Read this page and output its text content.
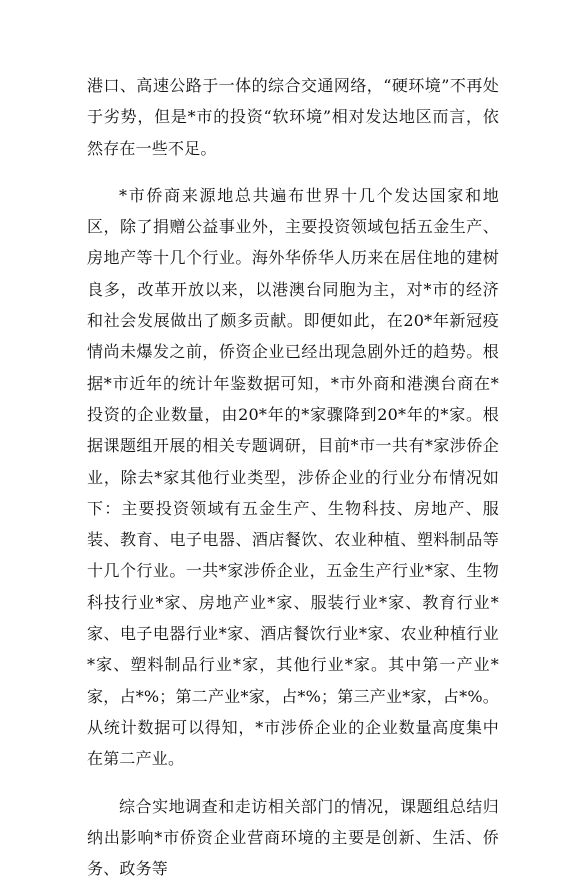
港口、高速公路于一体的综合交通网络，“硬环境”不再处于劣势，但是*市的投资“软环境”相对发达地区而言，依然存在一些不足。

*市侨商来源地总共遍布世界十几个发达国家和地区，除了捐赠公益事业外，主要投资领域包括五金生产、房地产等十几个行业。海外华侨华人历来在居住地的建树良多，改革开放以来，以港澳台同胞为主，对*市的经济和社会发展做出了颇多贡献。即便如此，在20*年新冠疫情尚未爆发之前，侨资企业已经出现急剧外迁的趋势。根据*市近年的统计年鉴数据可知，*市外商和港澳台商在*投资的企业数量，由20*年的*家骤降到20*年的*家。根据课题组开展的相关专题调研，目前*市一共有*家涉侨企业，除去*家其他行业类型，涉侨企业的行业分布情况如下：主要投资领域有五金生产、生物科技、房地产、服装、教育、电子电器、酒店餐饮、农业种植、塑料制品等十几个行业。一共*家涉侨企业，五金生产行业*家、生物科技行业*家、房地产业*家、服装行业*家、教育行业*家、电子电器行业*家、酒店餐饮行业*家、农业种植行业*家、塑料制品行业*家，其他行业*家。其中第一产业*家，占*%；第二产业*家，占*%；第三产业*家，占*%。从统计数据可以得知，*市涉侨企业的企业数量高度集中在第二产业。

综合实地调查和走访相关部门的情况，课题组总结归纳出影响*市侨资企业营商环境的主要是创新、生活、侨务、政务等
